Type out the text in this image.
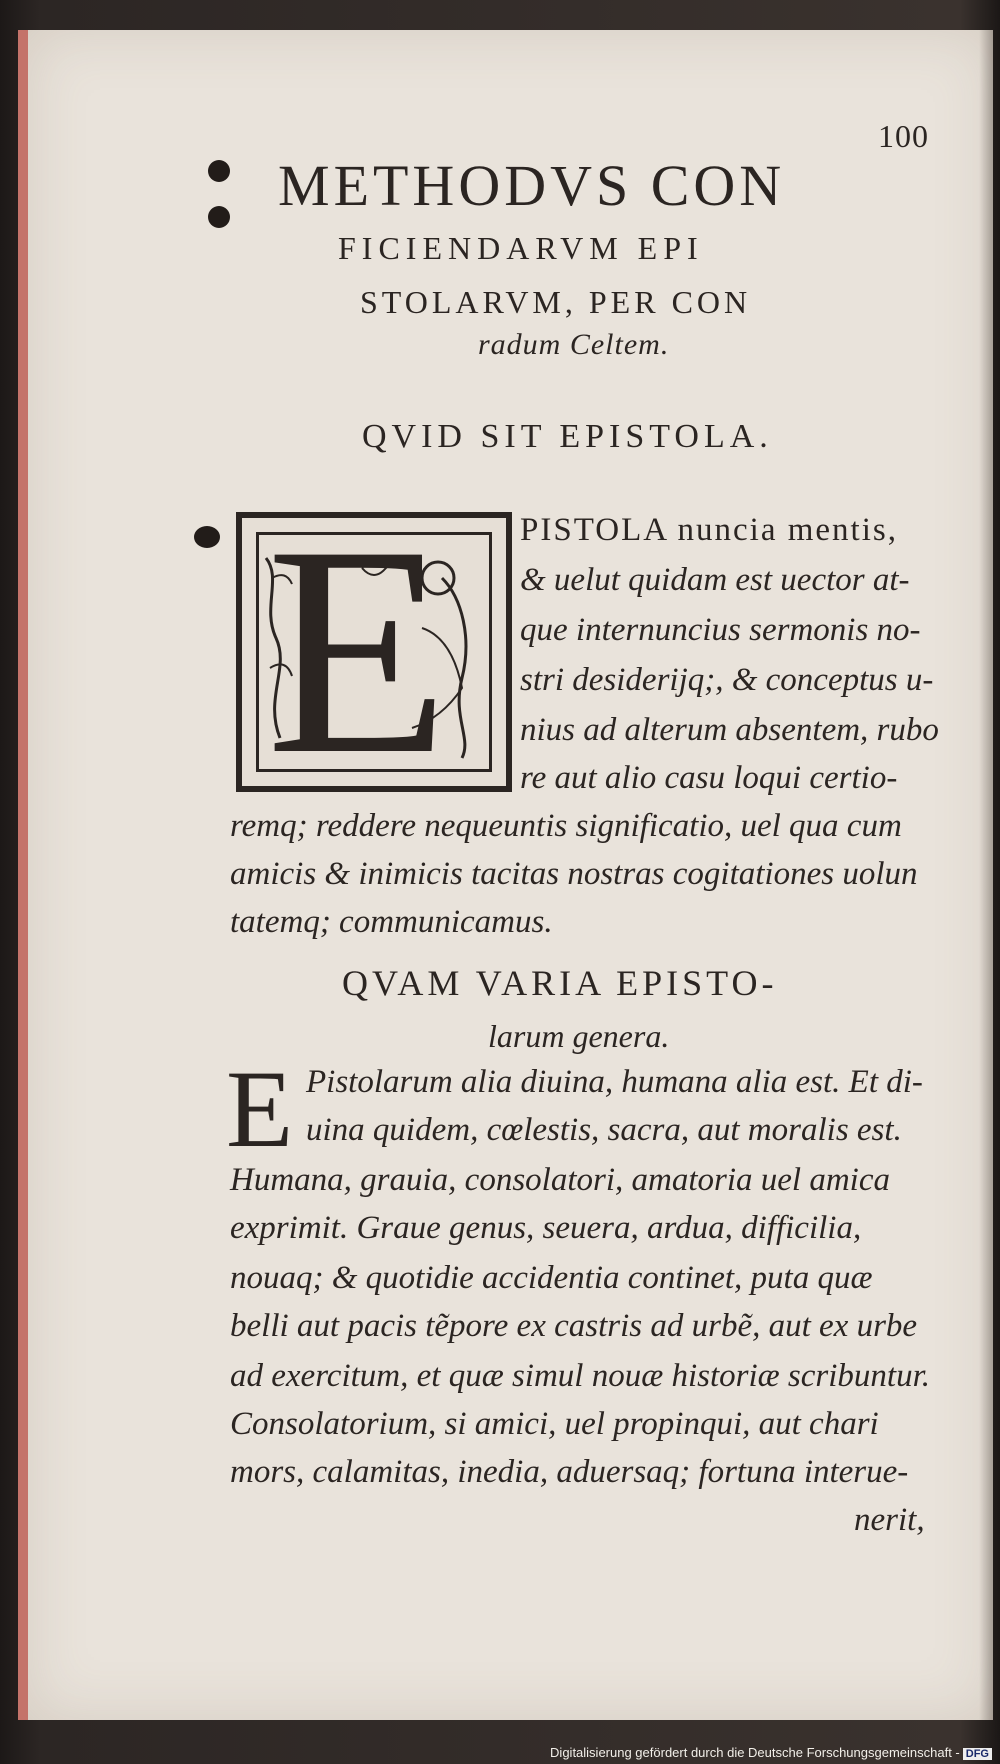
100
METHODVS CON
FICIENDARVM EPI
STOLARVM, PER CON
radum Celtem.
QVID SIT EPISTOLA.
E PISTOLA nuncia mentis,
& uelut quidam est uector at-
que internuncius sermonis no-
stri desiderijq;, & conceptus u-
nius ad alterum absentem, rubo
re aut alio casu loqui certio-
remq; reddere nequeuntis significatio, uel qua cum
amicis & inimicis tacitas nostras cogitationes uolun
tatemq; communicamus.
QVAM VARIA EPISTO-
larum genera.
E Pistolarum alia diuina, humana alia est. Et di-
uina quidem, cœlestis, sacra, aut moralis est.
Humana, grauia, consolatori, amatoria uel amica
exprimit. Graue genus, seuera, ardua, difficilia,
nouaq; & quotidie accidentia continet, puta quæ
belli aut pacis tẽpore ex castris ad urbẽ, aut ex urbe
ad exercitum, et quæ simul nouæ historiæ scribuntur.
Consolatorium, si amici, uel propinqui, aut chari
mors, calamitas, inedia, aduersaq; fortuna interue-
nerit,
Digitalisierung gefördert durch die Deutsche Forschungsgemeinschaft - DFG
